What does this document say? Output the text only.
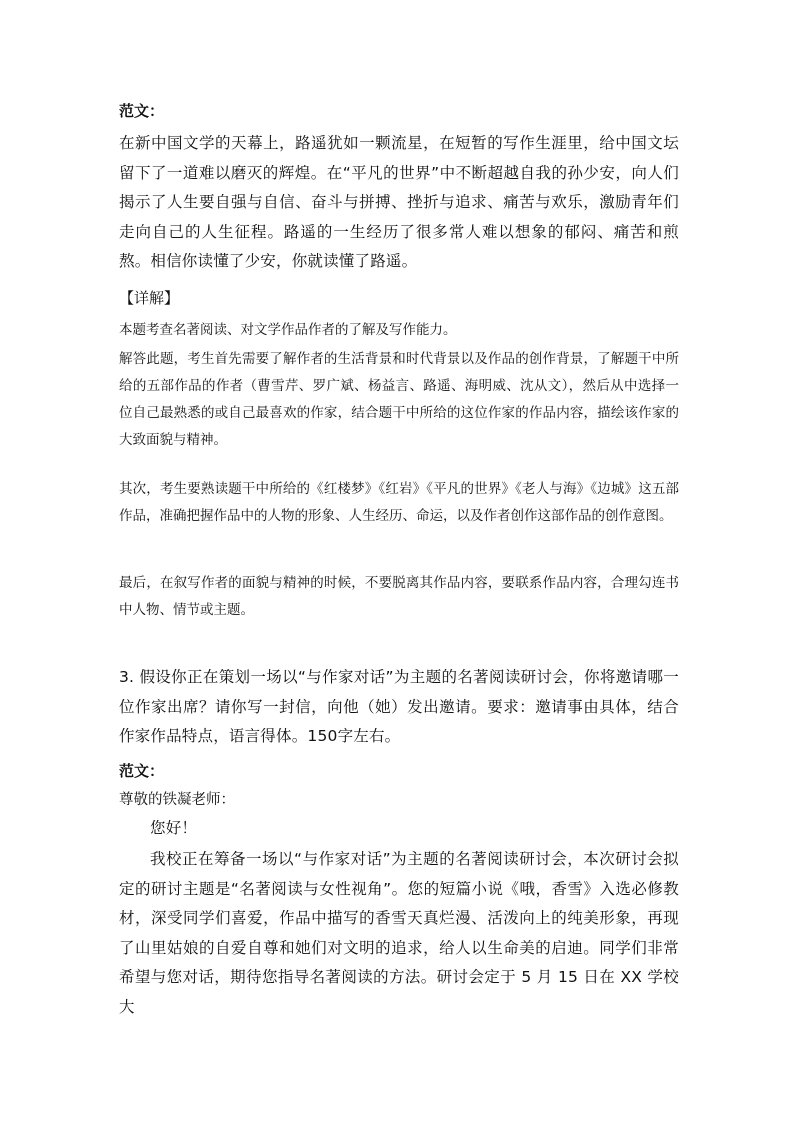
范文：

在新中国文学的天幕上，路遥犹如一颗流星，在短暂的写作生涯里，给中国文坛留下了一道难以磨灭的辉煌。在“平凡的世界”中不断超越自我的孙少安，向人们揭示了人生要自强与自信、奋斗与拼搏、挫折与追求、痛苦与欢乐，激励青年们走向自己的人生征程。路遥的一生经历了很多常人难以想象的郁闷、痛苦和煎熬。相信你读懂了少安，你就读懂了路遥。

【详解】

本题考查名著阅读、对文学作品作者的了解及写作能力。

解答此题，考生首先需要了解作者的生活背景和时代背景以及作品的创作背景，了解题干中所给的五部作品的作者（曹雪芹、罗广斌、杨益言、路遥、海明威、沈从文），然后从中选择一位自己最熟悉的或自己最喜欢的作家，结合题干中所给的这位作家的作品内容，描绘该作家的大致面貌与精神。

其次，考生要熟读题干中所给的《红楼梦》《红岩》《平凡的世界》《老人与海》《边城》这五部作品，准确把握作品中的人物的形象、人生经历、命运，以及作者创作这部作品的创作意图。

最后，在叙写作者的面貌与精神的时候，不要脱离其作品内容，要联系作品内容，合理勾连书中人物、情节或主题。

3. 假设你正在策划一场以“与作家对话”为主题的名著阅读研讨会，你将邀请哪一位作家出席？请你写一封信，向他（她）发出邀请。要求：邀请事由具体，结合作家作品特点，语言得体。150字左右。

范文：

尊敬的铁凝老师：

您好！

我校正在筹备一场以“与作家对话”为主题的名著阅读研讨会，本次研讨会拟定的研讨主题是“名著阅读与女性视角”。您的短篇小说《哦，香雪》入选必修教材，深受同学们喜爱，作品中描写的香雪天真烂漫、活泼向上的纯美形象，再现了山里姑娘的自爱自尊和她们对文明的追求，给人以生命美的启迪。同学们非常希望与您对话，期待您指导名著阅读的方法。研讨会定于 5 月 15 日在 XX 学校大
